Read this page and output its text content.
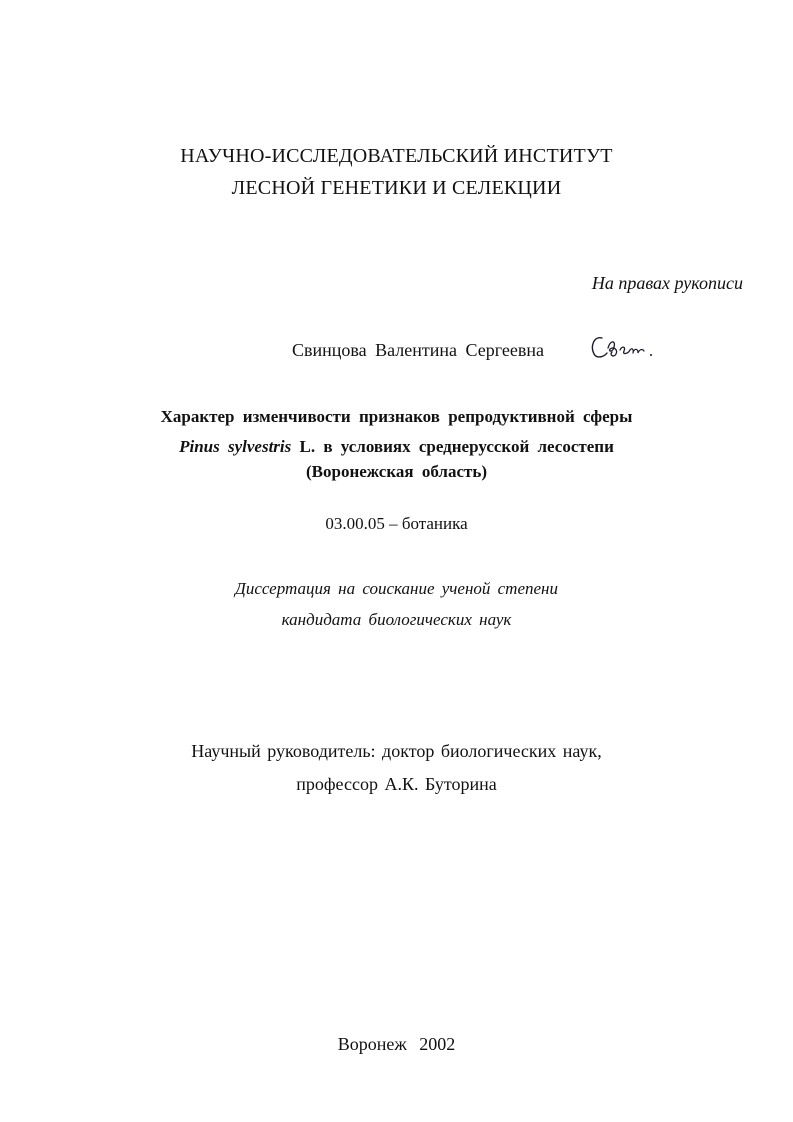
НАУЧНО-ИССЛЕДОВАТЕЛЬСКИЙ ИНСТИТУТ
ЛЕСНОЙ ГЕНЕТИКИ И СЕЛЕКЦИИ
На правах рукописи
Свинцова Валентина Сергеевна
Характер изменчивости признаков репродуктивной сферы
Pinus sylvestris L. в условиях среднерусской лесостепи
(Воронежская область)
03.00.05 – ботаника
Диссертация на соискание ученой степени
кандидата биологических наук
Научный руководитель: доктор биологических наук,
профессор А.К. Буторина
Воронеж 2002
